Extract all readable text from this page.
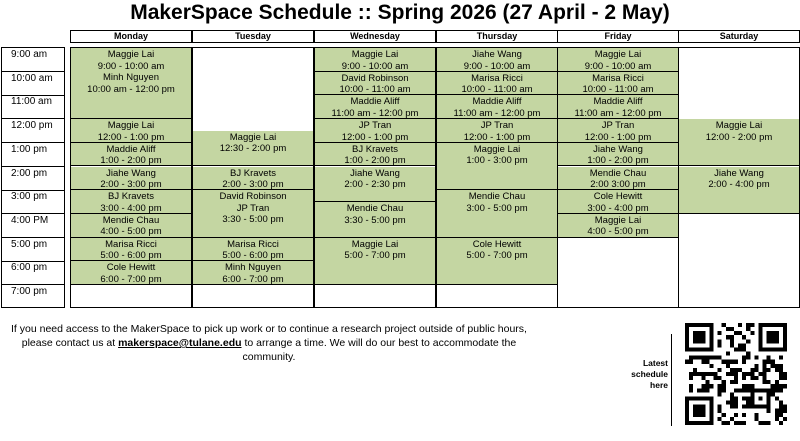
MakerSpace Schedule :: Spring 2026 (27 April - 2 May)
9:00 am
10:00 am
11:00 am
12:00 pm
1:00 pm
2:00 pm
3:00 pm
4:00 PM
5:00 pm
6:00 pm
7:00 pm
Monday
Maggie Lai
9:00 - 10:00 am
Minh Nguyen
10:00 am - 12:00 pm
Maggie Lai
12:00 - 1:00 pm
Maddie Aliff
1:00 - 2:00 pm
Jiahe Wang
2:00 - 3:00 pm
BJ Kravets
3:00 - 4:00 pm
Mendie Chau
4:00 - 5:00 pm
Marisa Ricci
5:00 - 6:00 pm
Cole Hewitt
6:00 - 7:00 pm
Tuesday
Maggie Lai
12:30 - 2:00 pm
BJ Kravets
2:00 - 3:00 pm
David Robinson
JP Tran
3:30 - 5:00 pm
Marisa Ricci
5:00 - 6:00 pm
Minh Nguyen
6:00 - 7:00 pm
Wednesday
Maggie Lai
9:00 - 10:00 am
David Robinson
10:00 - 11:00 am
Maddie Aliff
11:00 am - 12:00 pm
JP Tran
12:00 - 1:00 pm
BJ Kravets
1:00 - 2:00 pm
Jiahe Wang
2:00 - 2:30 pm
Mendie Chau
3:30 - 5:00 pm
Maggie Lai
5:00 - 7:00 pm
Thursday
Jiahe Wang
9:00 - 10:00 am
Marisa Ricci
10:00 - 11:00 am
Maddie Aliff
11:00 am - 12:00 pm
JP Tran
12:00 - 1:00 pm
Maggie Lai
1:00 - 3:00 pm
Mendie Chau
3:00 - 5:00 pm
Cole Hewitt
5:00 - 7:00 pm
Friday
Maggie Lai
9:00 - 10:00 am
Marisa Ricci
10:00 - 11:00 am
Maddie Aliff
11:00 am - 12:00 pm
JP Tran
12:00 - 1:00 pm
Jiahe Wang
1:00 - 2:00 pm
Mendie Chau
2:00 3:00 pm
Cole Hewitt
3:00 - 4:00 pm
Maggie Lai
4:00 - 5:00 pm
Saturday
Maggie Lai
12:00 - 2:00 pm
Jiahe Wang
2:00 - 4:00 pm
If you need access to the MakerSpace to pick up work or to continue a research project outside of public hours,
please contact us at makerspace@tulane.edu to arrange a time. We will do our best to accommodate the
community.	Latest
schedule
here
